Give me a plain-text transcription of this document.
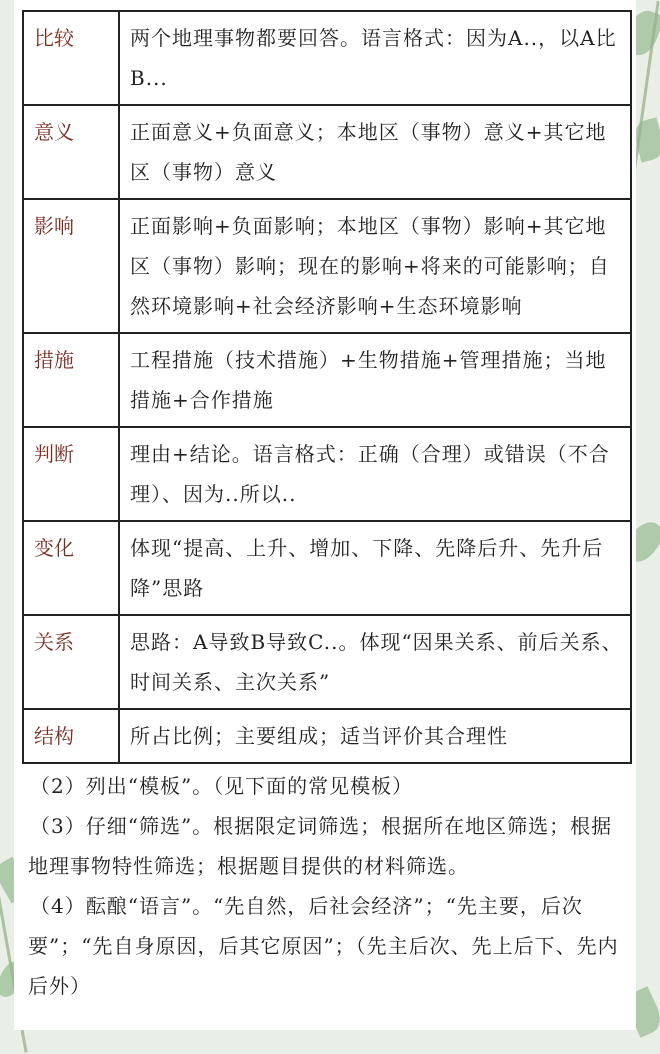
比较	两个地理事物都要回答。语言格式：因为A..，以A比B...
意义	正面意义+负面意义；本地区（事物）意义+其它地区（事物）意义
影响	正面影响+负面影响；本地区（事物）影响+其它地区（事物）影响；现在的影响+将来的可能影响；自然环境影响+社会经济影响+生态环境影响
措施	工程措施（技术措施）+生物措施+管理措施；当地措施+合作措施
判断	理由+结论。语言格式：正确（合理）或错误（不合理）、因为..所以..
变化	体现“提高、上升、增加、下降、先降后升、先升后降”思路
关系	思路：A导致B导致C..。体现“因果关系、前后关系、时间关系、主次关系”
结构	所占比例；主要组成；适当评价其合理性

（2）列出“模板”。（见下面的常见模板）

（3）仔细“筛选”。根据限定词筛选；根据所在地区筛选；根据地理事物特性筛选；根据题目提供的材料筛选。

（4）酝酿“语言”。“先自然，后社会经济”；“先主要，后次要”；“先自身原因，后其它原因”；（先主后次、先上后下、先内后外）
